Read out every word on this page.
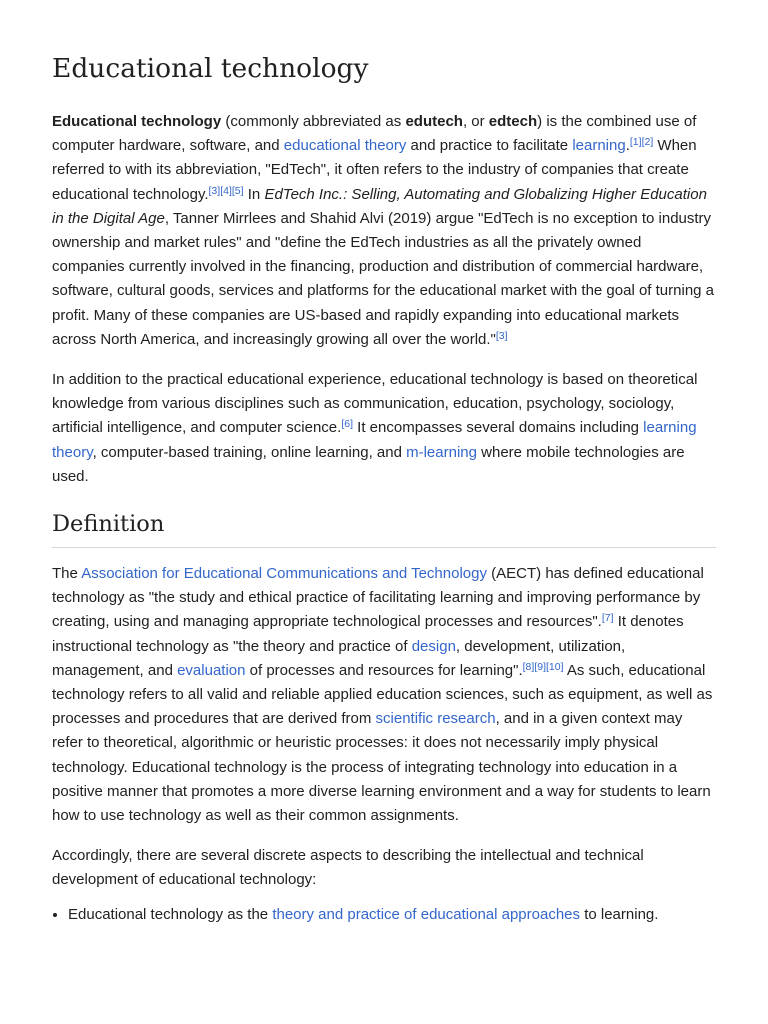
Educational technology

Educational technology (commonly abbreviated as edutech, or edtech) is the combined use of computer hardware, software, and educational theory and practice to facilitate learning.[1][2] When referred to with its abbreviation, "EdTech", it often refers to the industry of companies that create educational technology.[3][4][5] In EdTech Inc.: Selling, Automating and Globalizing Higher Education in the Digital Age, Tanner Mirrlees and Shahid Alvi (2019) argue "EdTech is no exception to industry ownership and market rules" and "define the EdTech industries as all the privately owned companies currently involved in the financing, production and distribution of commercial hardware, software, cultural goods, services and platforms for the educational market with the goal of turning a profit. Many of these companies are US-based and rapidly expanding into educational markets across North America, and increasingly growing all over the world."[3]

In addition to the practical educational experience, educational technology is based on theoretical knowledge from various disciplines such as communication, education, psychology, sociology, artificial intelligence, and computer science.[6] It encompasses several domains including learning theory, computer-based training, online learning, and m-learning where mobile technologies are used.

Definition

The Association for Educational Communications and Technology (AECT) has defined educational technology as "the study and ethical practice of facilitating learning and improving performance by creating, using and managing appropriate technological processes and resources".[7] It denotes instructional technology as "the theory and practice of design, development, utilization, management, and evaluation of processes and resources for learning".[8][9][10] As such, educational technology refers to all valid and reliable applied education sciences, such as equipment, as well as processes and procedures that are derived from scientific research, and in a given context may refer to theoretical, algorithmic or heuristic processes: it does not necessarily imply physical technology. Educational technology is the process of integrating technology into education in a positive manner that promotes a more diverse learning environment and a way for students to learn how to use technology as well as their common assignments.

Accordingly, there are several discrete aspects to describing the intellectual and technical development of educational technology:

• Educational technology as the theory and practice of educational approaches to learning.
